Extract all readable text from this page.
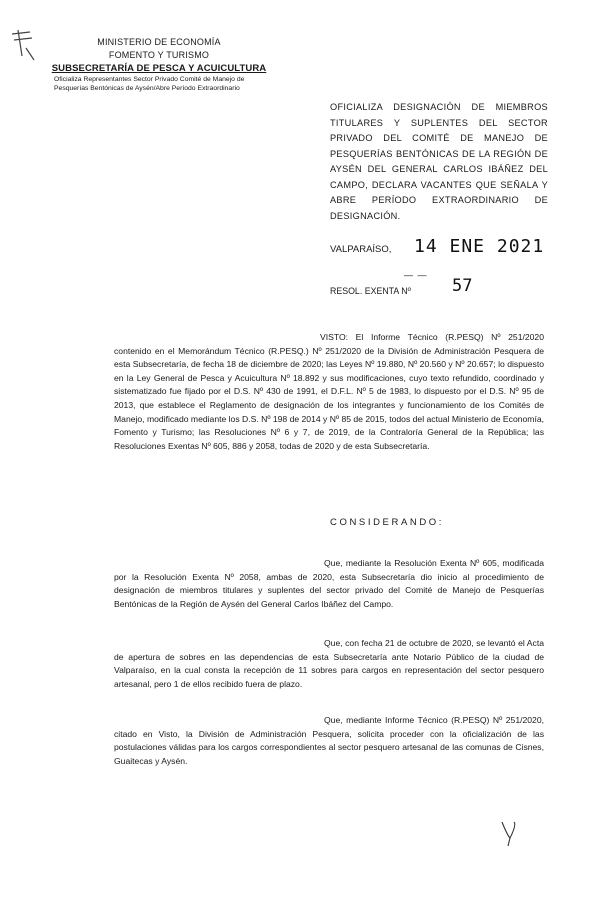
MINISTERIO DE ECONOMÍA
FOMENTO Y TURISMO
SUBSECRETARÍA DE PESCA Y ACUICULTURA
Oficializa Representantes Sector Privado Comité de Manejo de
Pesquerías Bentónicas de Aysén/Abre Período Extraordinario
OFICIALIZA DESIGNACIÓN DE MIEMBROS TITULARES Y SUPLENTES DEL SECTOR PRIVADO DEL COMITÉ DE MANEJO DE PESQUERÍAS BENTÓNICAS DE LA REGIÓN DE AYSÉN DEL GENERAL CARLOS IBÁÑEZ DEL CAMPO, DECLARA VACANTES QUE SEÑALA Y ABRE PERÍODO EXTRAORDINARIO DE DESIGNACIÓN.
VALPARAÍSO, 14 ENE 2021
— —
RESOL. EXENTA Nº 57

VISTO: El Informe Técnico (R.PESQ) Nº 251/2020 contenido en el Memorándum Técnico (R.PESQ.) Nº 251/2020 de la División de Administración Pesquera de esta Subsecretaría, de fecha 18 de diciembre de 2020; las Leyes Nº 19.880, Nº 20.560 y Nº 20.657; lo dispuesto en la Ley General de Pesca y Acuicultura Nº 18.892 y sus modificaciones, cuyo texto refundido, coordinado y sistematizado fue fijado por el D.S. Nº 430 de 1991, el D.F.L. Nº 5 de 1983, lo dispuesto por el D.S. Nº 95 de 2013, que establece el Reglamento de designación de los integrantes y funcionamiento de los Comités de Manejo, modificado mediante los D.S. Nº 198 de 2014 y Nº 85 de 2015, todos del actual Ministerio de Economía, Fomento y Turismo; las Resoluciones Nº 6 y 7, de 2019, de la Contraloría General de la República; las Resoluciones Exentas Nº 605, 886 y 2058, todas de 2020 y de esta Subsecretaría.

CONSIDERANDO:

Que, mediante la Resolución Exenta Nº 605, modificada por la Resolución Exenta Nº 2058, ambas de 2020, esta Subsecretaría dio inicio al procedimiento de designación de miembros titulares y suplentes del sector privado del Comité de Manejo de Pesquerías Bentónicas de la Región de Aysén del General Carlos Ibáñez del Campo.

Que, con fecha 21 de octubre de 2020, se levantó el Acta de apertura de sobres en las dependencias de esta Subsecretaría ante Notario Público de la ciudad de Valparaíso, en la cual consta la recepción de 11 sobres para cargos en representación del sector pesquero artesanal, pero 1 de ellos recibido fuera de plazo.

Que, mediante Informe Técnico (R.PESQ) Nº 251/2020, citado en Visto, la División de Administración Pesquera, solicita proceder con la oficialización de las postulaciones válidas para los cargos correspondientes al sector pesquero artesanal de las comunas de Cisnes, Guaitecas y Aysén.
